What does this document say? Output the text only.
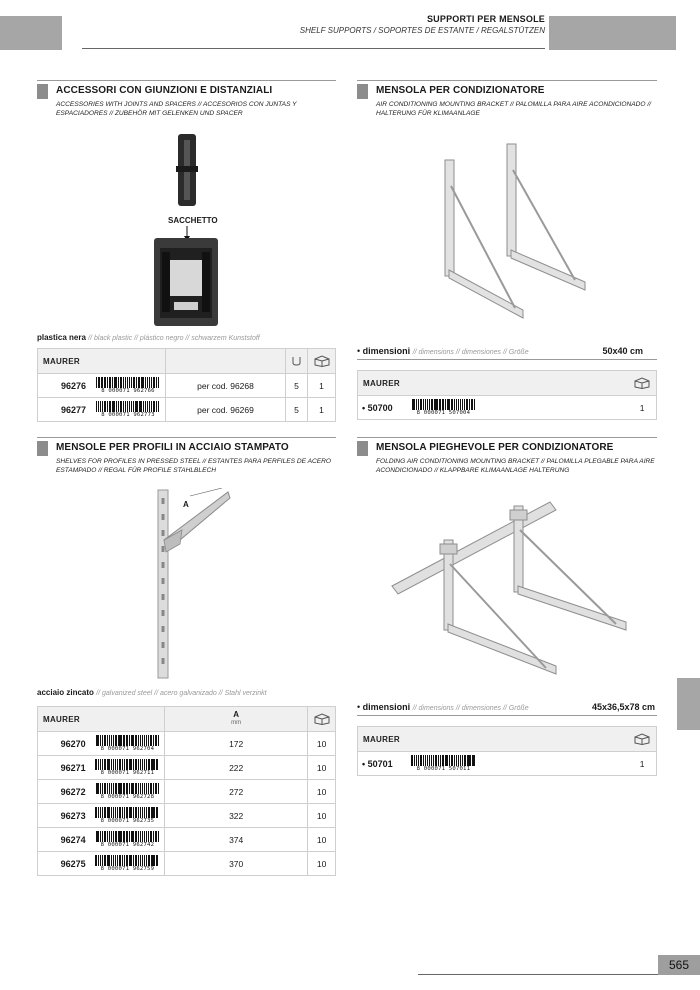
SUPPORTI PER MENSOLE
SHELF SUPPORTS / SOPORTES DE ESTANTE / REGALSTÜTZEN
ACCESSORI CON GIUNZIONI E DISTANZIALI
ACCESSORIES WITH JOINTS AND SPACERS // ACCESORIOS CON JUNTAS Y ESPACIADORES // ZUBEHÖR MIT GELENKEN UND SPACER
SACCHETTO
plastica nera // black plastic // plástico negro // schwarzem Kunststoff
MAURER
96276
8 000071 962766
per cod. 96268	5	1
96277
8 000071 962773
per cod. 96269	5	1
MENSOLE PER PROFILI IN ACCIAIO STAMPATO
SHELVES FOR PROFILES IN PRESSED STEEL // ESTANTES PARA PERFILES DE ACERO ESTAMPADO // REGAL FÜR PROFILE STAHLBLECH
A
acciaio zincato // galvanized steel // acero galvanizado // Stahl verzinkt
MAURER	A
mm
96270
8 000071 962704
172	10
96271
8 000071 962711
222	10
96272
8 000071 962728
272	10
96273
8 000071 962735
322	10
96274
8 000071 962742
374	10
96275
8 000071 962759
370	10
MENSOLA PER CONDIZIONATORE
AIR CONDITIONING MOUNTING BRACKET // PALOMILLA PARA AIRE ACONDICIONADO // HALTERUNG FÜR KLIMAANLAGE
• dimensioni // dimensions // dimensiones // Größe	50x40 cm
MAURER
• 50700
8 000071 507004
1
MENSOLA PIEGHEVOLE PER CONDIZIONATORE
FOLDING AIR CONDITIONING MOUNTING BRACKET // PALOMILLA PLEGABLE PARA AIRE ACONDICIONADO // KLAPPBARE KLIMAANLAGE HALTERUNG
• dimensioni // dimensions // dimensiones // Größe	45x36,5x78 cm
MAURER
• 50701
8 000071 507011
1
565
